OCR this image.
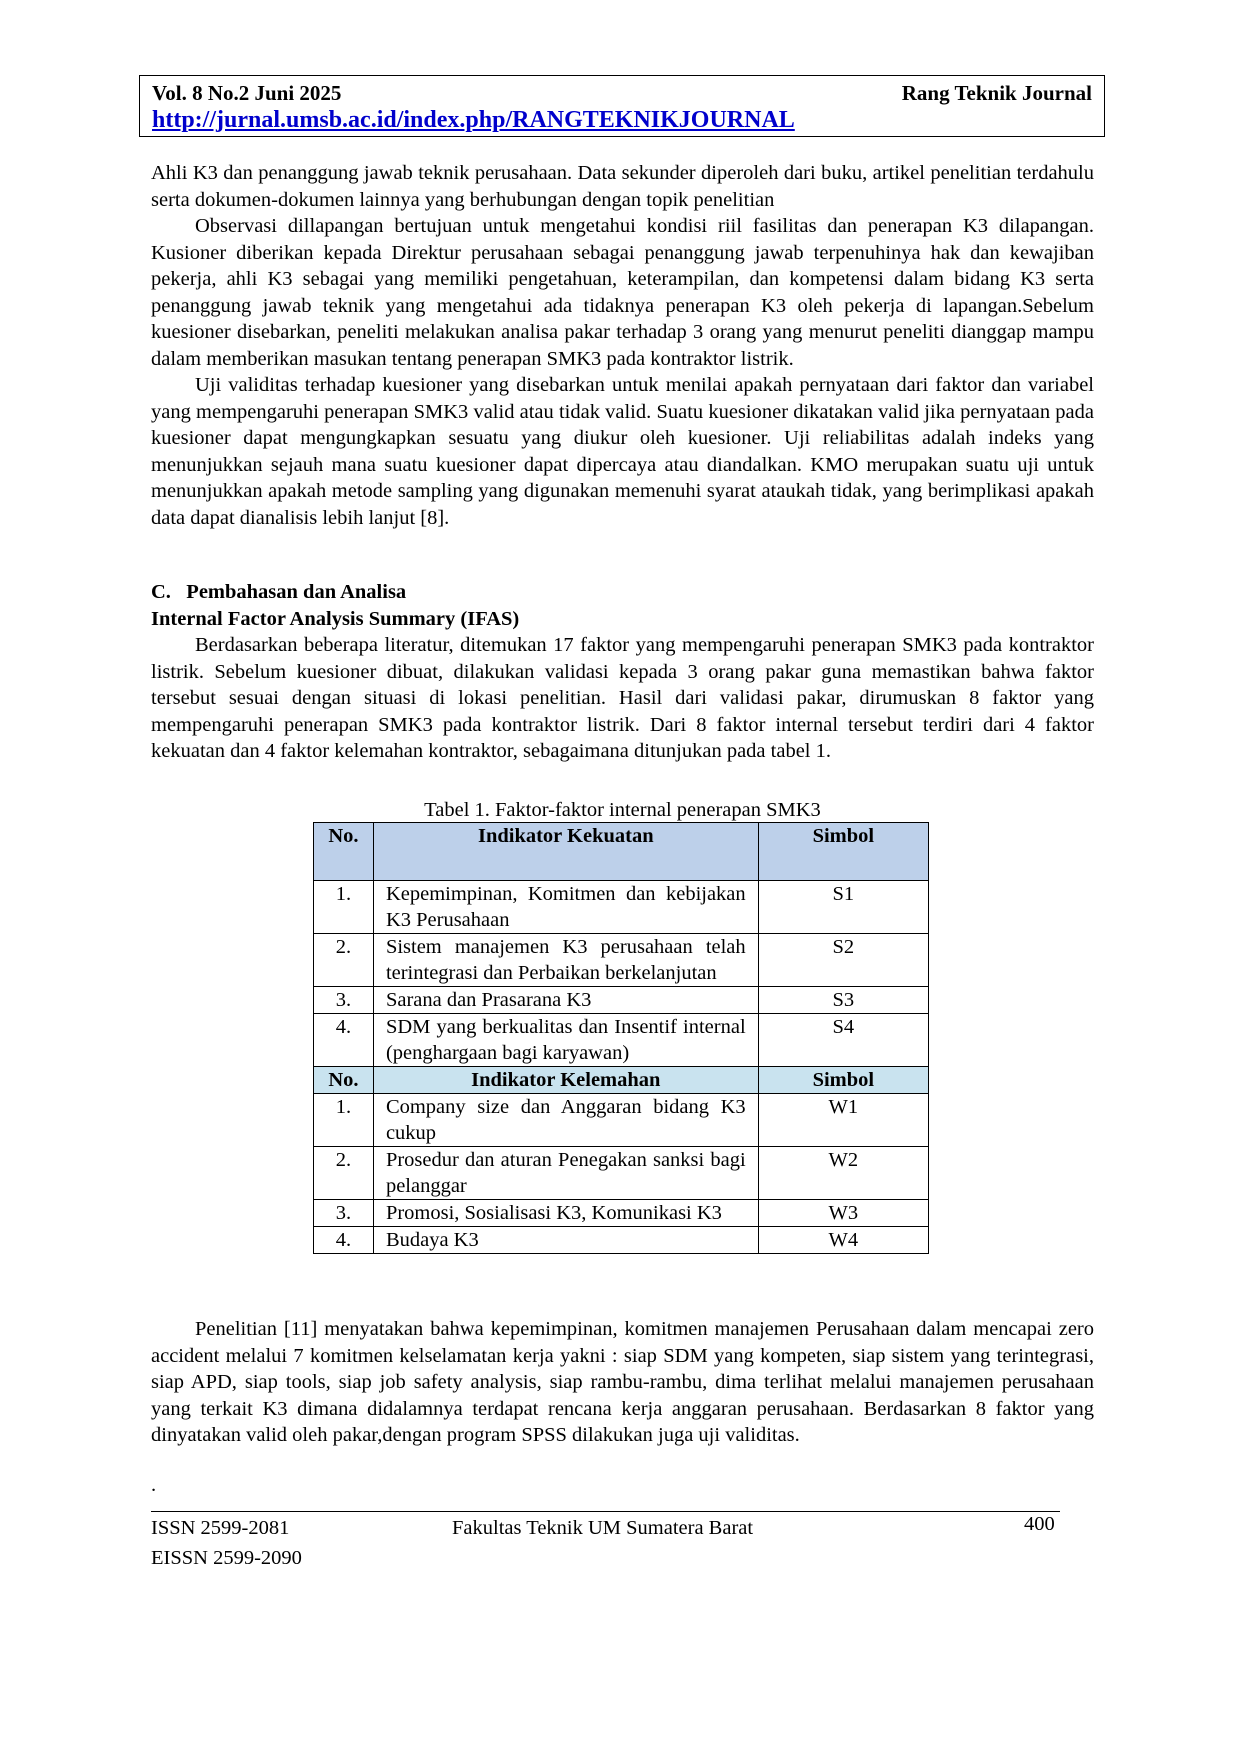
Vol. 8 No.2 Juni 2025	Rang Teknik Journal
http://jurnal.umsb.ac.id/index.php/RANGTEKNIKJOURNAL

Ahli K3 dan penanggung jawab teknik perusahaan. Data sekunder diperoleh dari buku, artikel penelitian terdahulu serta dokumen-dokumen lainnya yang berhubungan dengan topik penelitian

Observasi dillapangan bertujuan untuk mengetahui kondisi riil fasilitas dan penerapan K3 dilapangan. Kusioner diberikan kepada Direktur perusahaan sebagai penanggung jawab terpenuhinya hak dan kewajiban pekerja, ahli K3 sebagai yang memiliki pengetahuan, keterampilan, dan kompetensi dalam bidang K3 serta penanggung jawab teknik yang mengetahui ada tidaknya penerapan K3 oleh pekerja di lapangan.Sebelum kuesioner disebarkan, peneliti melakukan analisa pakar terhadap 3 orang yang menurut peneliti dianggap mampu dalam memberikan masukan tentang penerapan SMK3 pada kontraktor listrik.

Uji validitas terhadap kuesioner yang disebarkan untuk menilai apakah pernyataan dari faktor dan variabel yang mempengaruhi penerapan SMK3 valid atau tidak valid. Suatu kuesioner dikatakan valid jika pernyataan pada kuesioner dapat mengungkapkan sesuatu yang diukur oleh kuesioner. Uji reliabilitas adalah indeks yang menunjukkan sejauh mana suatu kuesioner dapat dipercaya atau diandalkan. KMO merupakan suatu uji untuk menunjukkan apakah metode sampling yang digunakan memenuhi syarat ataukah tidak, yang berimplikasi apakah data dapat dianalisis lebih lanjut [8].

C.   Pembahasan dan Analisa

Internal Factor Analysis Summary (IFAS)

Berdasarkan beberapa literatur, ditemukan 17 faktor yang mempengaruhi penerapan SMK3 pada kontraktor listrik. Sebelum kuesioner dibuat, dilakukan validasi kepada 3 orang pakar guna memastikan bahwa faktor tersebut sesuai dengan situasi di lokasi penelitian. Hasil dari validasi pakar, dirumuskan 8 faktor yang mempengaruhi penerapan SMK3 pada kontraktor listrik. Dari 8 faktor internal tersebut terdiri dari 4 faktor kekuatan dan 4 faktor kelemahan kontraktor, sebagaimana ditunjukan pada tabel 1.

Tabel 1. Faktor-faktor internal penerapan SMK3
No.	Indikator Kekuatan	Simbol
1.	Kepemimpinan, Komitmen dan kebijakan K3 Perusahaan	S1
2.	Sistem manajemen K3 perusahaan telah terintegrasi dan Perbaikan berkelanjutan	S2
3.	Sarana dan Prasarana K3	S3
4.	SDM yang berkualitas dan Insentif internal (penghargaan bagi karyawan)	S4
No.	Indikator Kelemahan	Simbol
1.	Company size dan Anggaran bidang K3 cukup	W1
2.	Prosedur dan aturan Penegakan sanksi bagi pelanggar	W2
3.	Promosi, Sosialisasi K3, Komunikasi K3	W3
4.	Budaya K3	W4

Penelitian [11] menyatakan bahwa kepemimpinan, komitmen manajemen Perusahaan dalam mencapai zero accident melalui 7 komitmen kelselamatan kerja yakni : siap SDM yang kompeten, siap sistem yang terintegrasi, siap APD, siap tools, siap job safety analysis, siap rambu-rambu, dima terlihat melalui manajemen perusahaan yang terkait K3 dimana didalamnya terdapat rencana kerja anggaran perusahaan. Berdasarkan 8 faktor yang dinyatakan valid oleh pakar,dengan program SPSS dilakukan juga uji validitas.

.
ISSN 2599-2081
EISSN 2599-2090
Fakultas Teknik UM Sumatera Barat	400
